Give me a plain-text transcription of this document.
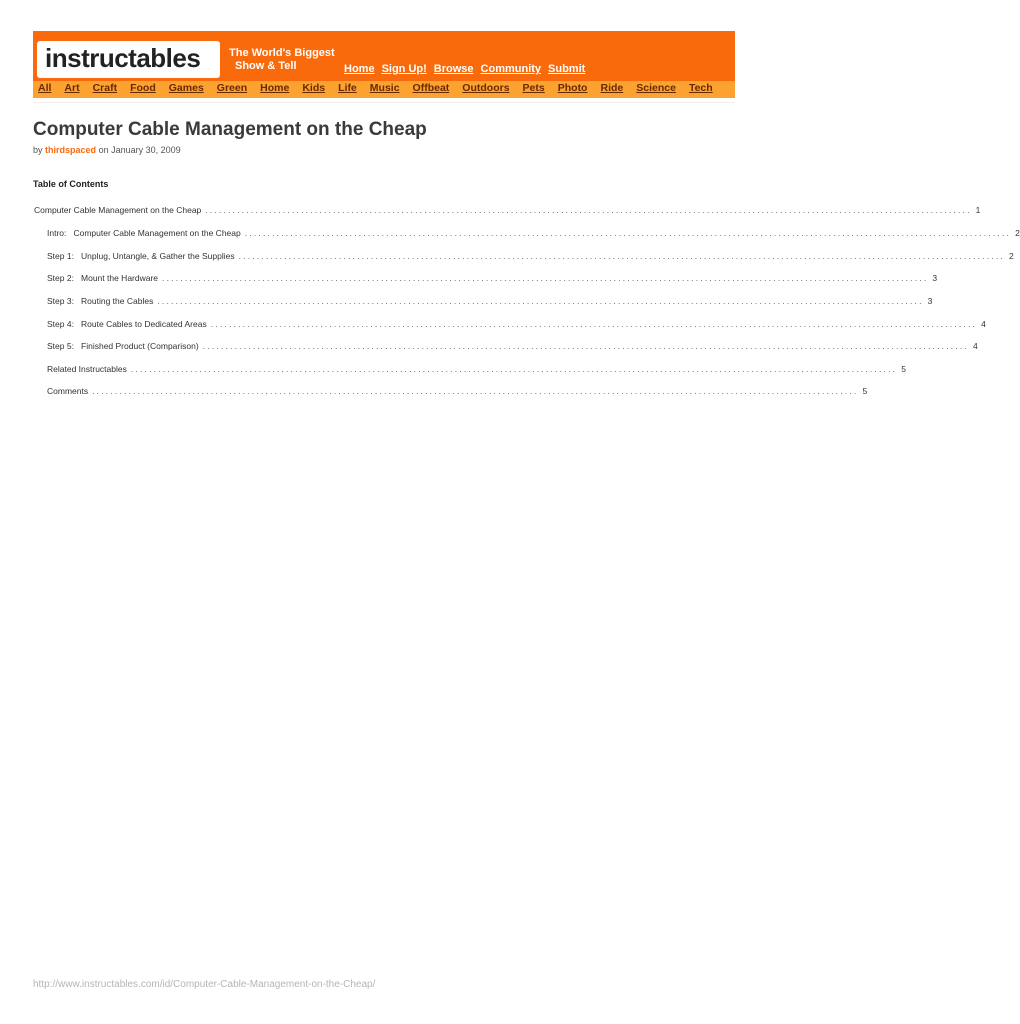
instructables	The World's Biggest
Show & Tell	Home Sign Up! Browse Community Submit
All Art Craft Food Games Green Home Kids Life Music Offbeat Outdoors Pets Photo Ride Science Tech
Computer Cable Management on the Cheap
by thirdspaced on January 30, 2009
Table of Contents
Computer Cable Management on the Cheap ........................................................................................................................................................................ 1
Intro:   Computer Cable Management on the Cheap ........................................................................................................................................................................ 2
Step 1:   Unplug, Untangle, & Gather the Supplies ........................................................................................................................................................................ 2
Step 2:   Mount the Hardware ........................................................................................................................................................................ 3
Step 3:   Routing the Cables ........................................................................................................................................................................ 3
Step 4:   Route Cables to Dedicated Areas ........................................................................................................................................................................ 4
Step 5:   Finished Product (Comparison) ........................................................................................................................................................................ 4
Related Instructables ........................................................................................................................................................................ 5
Comments ........................................................................................................................................................................ 5
http://www.instructables.com/id/Computer-Cable-Management-on-the-Cheap/
